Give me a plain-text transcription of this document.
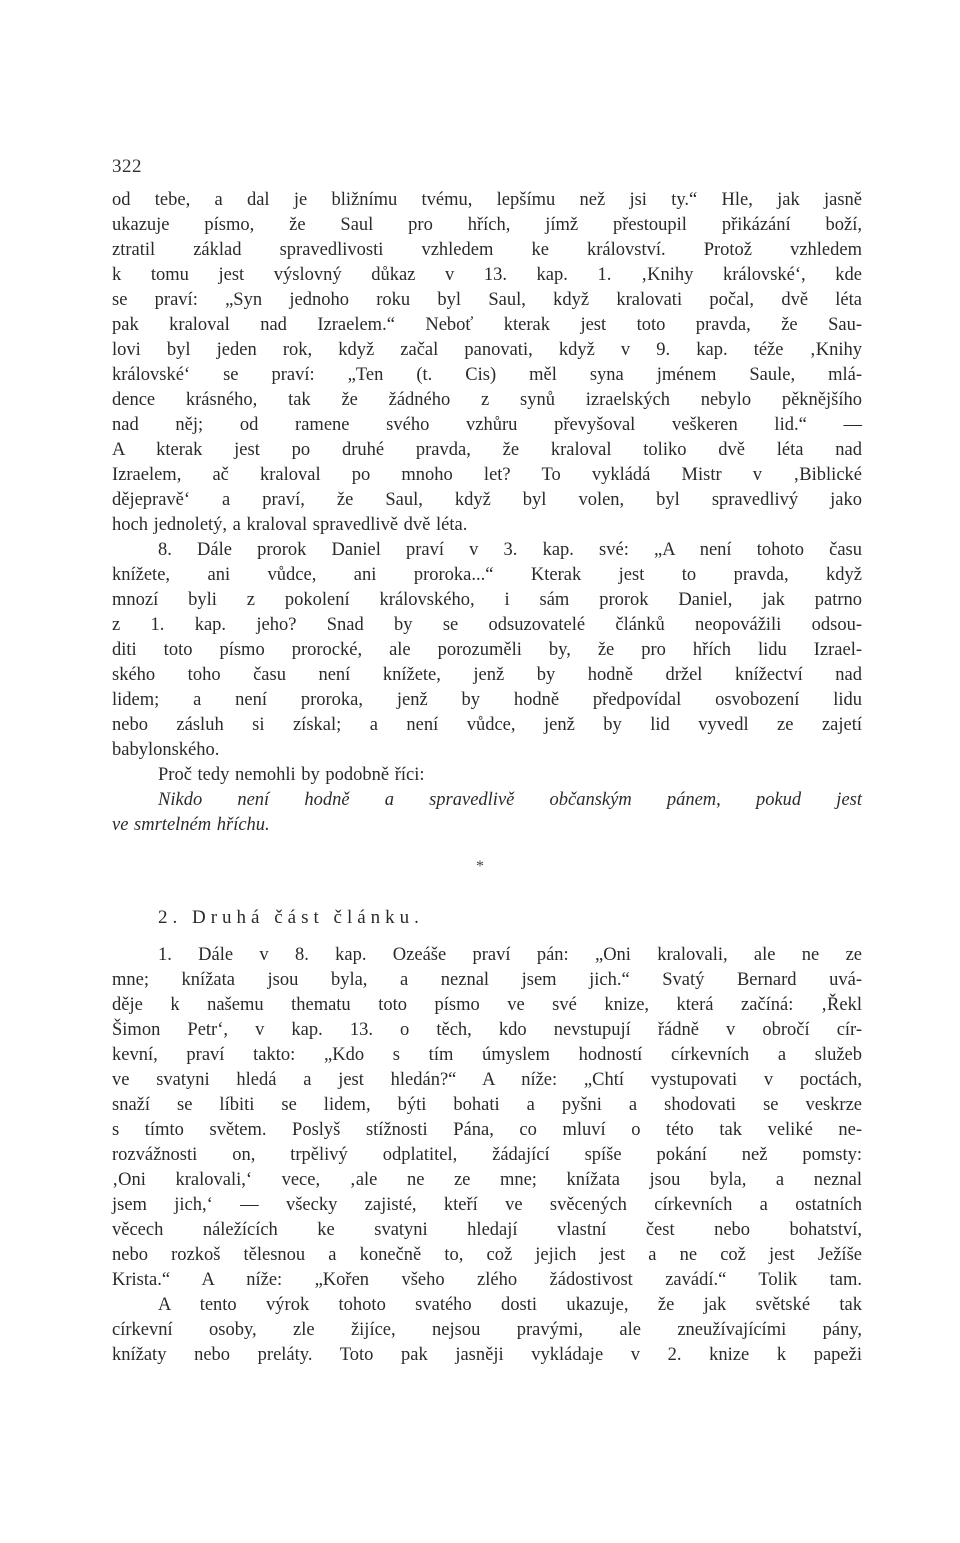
322
od tebe, a dal je bližnímu tvému, lepšímu než jsi ty.“ Hle, jak jasně
ukazuje písmo, že Saul pro hřích, jímž přestoupil přikázání boží,
ztratil základ spravedlivosti vzhledem ke království. Protož vzhledem
k tomu jest výslovný důkaz v 13. kap. 1. ‚Knihy královské‘, kde
se praví: „Syn jednoho roku byl Saul, když kralovati počal, dvě léta
pak kraloval nad Izraelem.“ Neboť kterak jest toto pravda, že Sau-
lovi byl jeden rok, když začal panovati, když v 9. kap. téže ‚Knihy
královské‘ se praví: „Ten (t. Cis) měl syna jménem Saule, mlá-
dence krásného, tak že žádného z synů izraelských nebylo pěknějšího
nad něj; od ramene svého vzhůru převyšoval veškeren lid.“ —
A kterak jest po druhé pravda, že kraloval toliko dvě léta nad
Izraelem, ač kraloval po mnoho let? To vykládá Mistr v ‚Biblické
dějepravě‘ a praví, že Saul, když byl volen, byl spravedlivý jako
hoch jednoletý, a kraloval spravedlivě dvě léta.
8. Dále prorok Daniel praví v 3. kap. své: „A není tohoto času
knížete, ani vůdce, ani proroka...“ Kterak jest to pravda, když
mnozí byli z pokolení královského, i sám prorok Daniel, jak patrno
z 1. kap. jeho? Snad by se odsuzovatelé článků neopovážili odsou-
diti toto písmo prorocké, ale porozuměli by, že pro hřích lidu Izrael-
ského toho času není knížete, jenž by hodně držel knížectví nad
lidem; a není proroka, jenž by hodně předpovídal osvobození lidu
nebo zásluh si získal; a není vůdce, jenž by lid vyvedl ze zajetí
babylonského.
Proč tedy nemohli by podobně říci:
Nikdo není hodně a spravedlivě občanským pánem, pokud jest
ve smrtelném hříchu.
*
2. Druhá část článku.
1. Dále v 8. kap. Ozeáše praví pán: „Oni kralovali, ale ne ze
mne; knížata jsou byla, a neznal jsem jich.“ Svatý Bernard uvá-
děje k našemu thematu toto písmo ve své knize, která začíná: ‚Řekl
Šimon Petr‘, v kap. 13. o těch, kdo nevstupují řádně v obročí cír-
kevní, praví takto: „Kdo s tím úmyslem hodností církevních a služeb
ve svatyni hledá a jest hledán?“ A níže: „Chtí vystupovati v poctách,
snaží se líbiti se lidem, býti bohati a pyšni a shodovati se veskrze
s tímto světem. Poslyš stížnosti Pána, co mluví o této tak veliké ne-
rozvážnosti on, trpělivý odplatitel, žádající spíše pokání než pomsty:
‚Oni kralovali,‘ vece, ‚ale ne ze mne; knížata jsou byla, a neznal
jsem jich,‘ — všecky zajisté, kteří ve svěcených církevních a ostatních
věcech náležících ke svatyni hledají vlastní čest nebo bohatství,
nebo rozkoš tělesnou a konečně to, což jejich jest a ne což jest Ježíše
Krista.“ A níže: „Kořen všeho zlého žádostivost zavádí.“ Tolik tam.
A tento výrok tohoto svatého dosti ukazuje, že jak světské tak
církevní osoby, zle žijíce, nejsou pravými, ale zneužívajícími pány,
knížaty nebo preláty. Toto pak jasněji vykládaje v 2. knize k papeži
